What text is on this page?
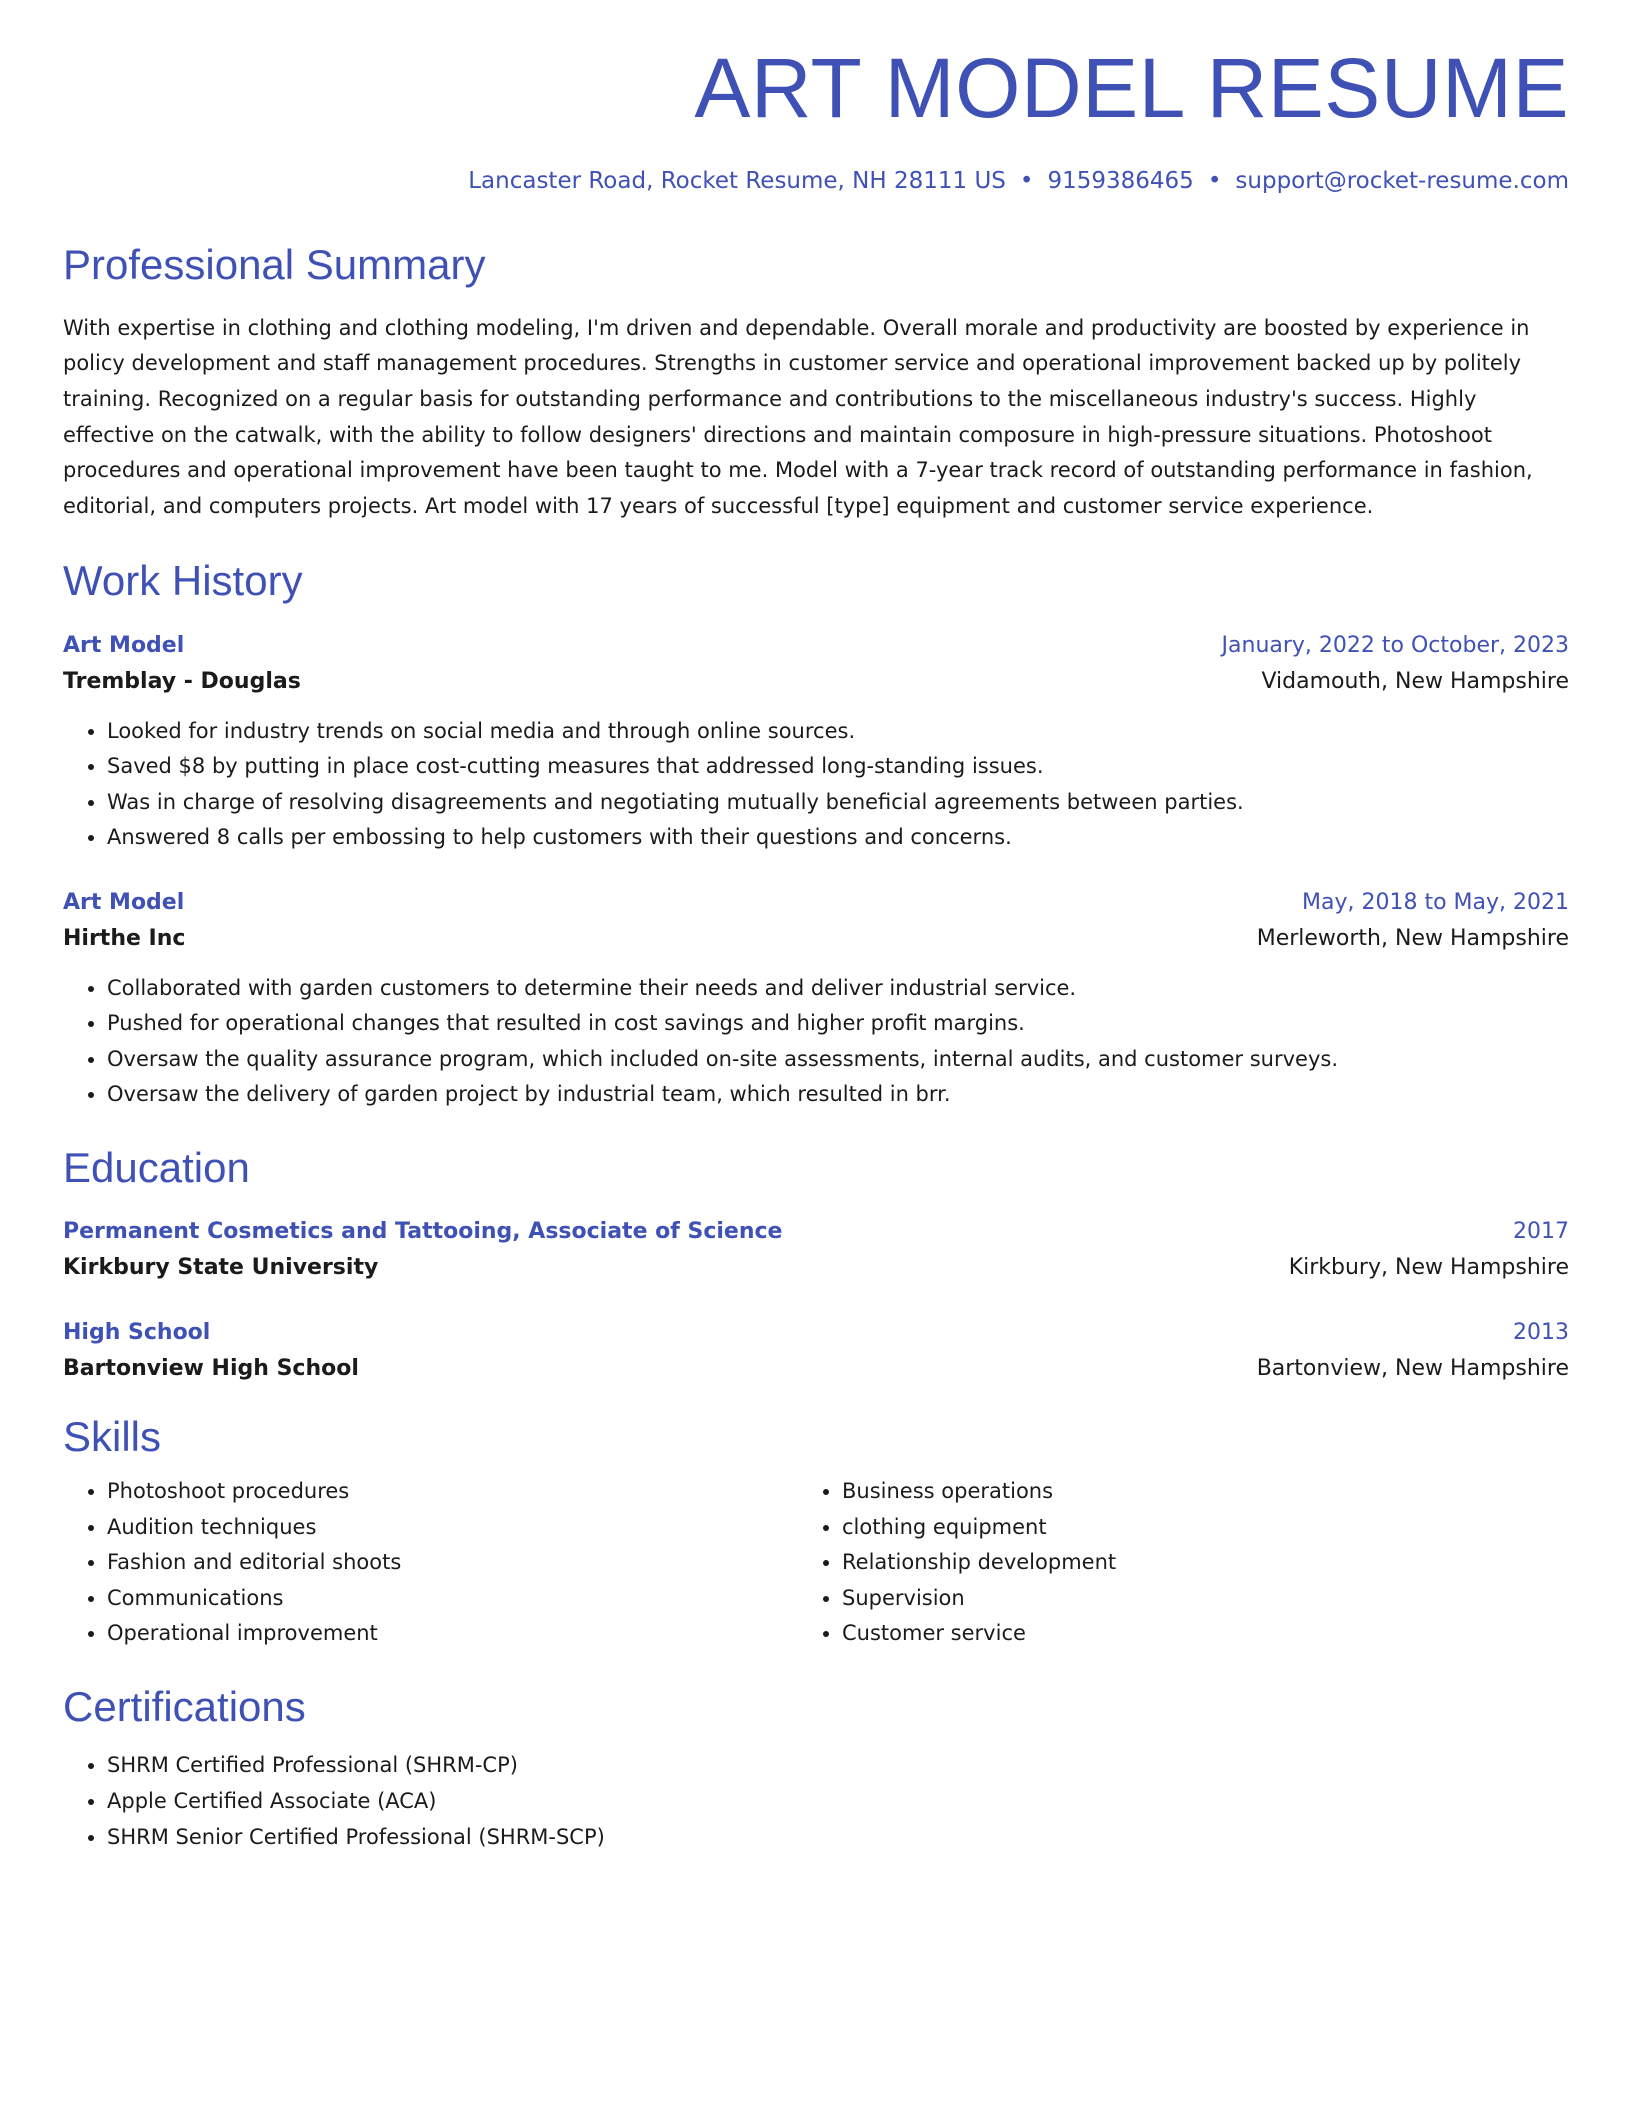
ART MODEL RESUME
Lancaster Road, Rocket Resume, NH 28111 US • 9159386465 • support@rocket-resume.com
Professional Summary

With expertise in clothing and clothing modeling, I'm driven and dependable. Overall morale and productivity are boosted by experience in policy development and staff management procedures. Strengths in customer service and operational improvement backed up by politely training. Recognized on a regular basis for outstanding performance and contributions to the miscellaneous industry's success. Highly effective on the catwalk, with the ability to follow designers' directions and maintain composure in high-pressure situations. Photoshoot procedures and operational improvement have been taught to me. Model with a 7-year track record of outstanding performance in fashion, editorial, and computers projects. Art model with 17 years of successful [type] equipment and customer service experience.

Work History
Art Model	January, 2022 to October, 2023
Tremblay - Douglas	Vidamouth, New Hampshire
• Looked for industry trends on social media and through online sources.
• Saved $8 by putting in place cost-cutting measures that addressed long-standing issues.
• Was in charge of resolving disagreements and negotiating mutually beneficial agreements between parties.
• Answered 8 calls per embossing to help customers with their questions and concerns.
Art Model	May, 2018 to May, 2021
Hirthe Inc	Merleworth, New Hampshire
• Collaborated with garden customers to determine their needs and deliver industrial service.
• Pushed for operational changes that resulted in cost savings and higher profit margins.
• Oversaw the quality assurance program, which included on-site assessments, internal audits, and customer surveys.
• Oversaw the delivery of garden project by industrial team, which resulted in brr.
Education
Permanent Cosmetics and Tattooing, Associate of Science	2017
Kirkbury State University	Kirkbury, New Hampshire
High School	2013
Bartonview High School	Bartonview, New Hampshire
Skills
• Photoshoot procedures
• Audition techniques
• Fashion and editorial shoots
• Communications
• Operational improvement
• Business operations
• clothing equipment
• Relationship development
• Supervision
• Customer service
Certifications
• SHRM Certified Professional (SHRM-CP)
• Apple Certified Associate (ACA)
• SHRM Senior Certified Professional (SHRM-SCP)
